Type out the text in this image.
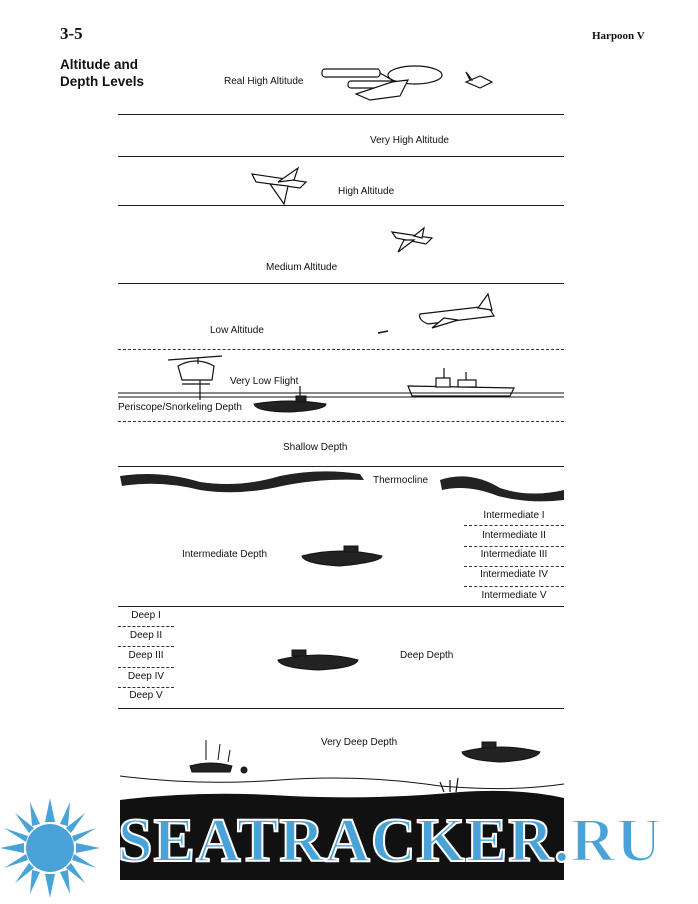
3-5	Harpoon V
Altitude and
Depth Levels	Real High Altitude
Very High Altitude
High Altitude
Medium Altitude
Low Altitude
Very Low Flight
Periscope/Snorkeling Depth
Shallow Depth
Thermocline
Intermediate Depth
Deep Depth
Very Deep Depth
Intermediate I
Intermediate II
Intermediate III
Intermediate IV
Intermediate V
Deep I
Deep II
Deep III
Deep IV
Deep V
SEATRACKER.RU
